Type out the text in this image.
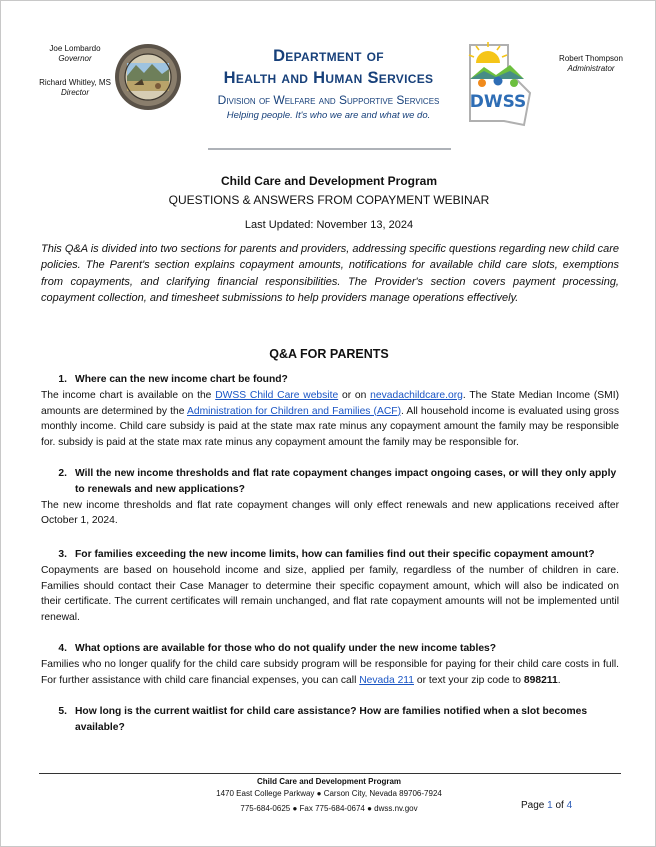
Joe Lombardo
Governor
Richard Whitley, MS
Director
Department of
Health and Human Services
Division of Welfare and Supportive Services
Helping people. It's who we are and what we do.
DWSS
Robert Thompson
Administrator
Child Care and Development Program
QUESTIONS & ANSWERS FROM COPAYMENT WEBINAR
Last Updated: November 13, 2024
This Q&A is divided into two sections for parents and providers, addressing specific questions regarding new child care policies. The Parent's section explains copayment amounts, notifications for available child care slots, exemptions from copayments, and clarifying financial responsibilities. The Provider's section covers payment processing, copayment collection, and timesheet submissions to help providers manage operations effectively.
Q&A FOR PARENTS
1. Where can the new income chart be found?
The income chart is available on the DWSS Child Care website or on nevadachildcare.org. The State Median Income (SMI) amounts are determined by the Administration for Children and Families (ACF). All household income is evaluated using gross monthly income. Child care subsidy is paid at the state max rate minus any copayment amount the family may be responsible for. subsidy is paid at the state max rate minus any copayment amount the family may be responsible for.
2. Will the new income thresholds and flat rate copayment changes impact ongoing cases, or will they only apply to renewals and new applications?
The new income thresholds and flat rate copayment changes will only effect renewals and new applications received after October 1, 2024.
3. For families exceeding the new income limits, how can families find out their specific copayment amount?
Copayments are based on household income and size, applied per family, regardless of the number of children in care. Families should contact their Case Manager to determine their specific copayment amount, which will also be indicated on their certificate. The current certificates will remain unchanged, and flat rate copayment amounts will not be implemented until renewal.
4. What options are available for those who do not qualify under the new income tables?
Families who no longer qualify for the child care subsidy program will be responsible for paying for their child care costs in full. For further assistance with child care financial expenses, you can call Nevada 211 or text your zip code to 898211.
5. How long is the current waitlist for child care assistance? How are families notified when a slot becomes available?
Child Care and Development Program
1470 East College Parkway ● Carson City, Nevada 89706-7924
775-684-0625 ● Fax 775-684-0674 ● dwss.nv.gov	Page 1 of 4
